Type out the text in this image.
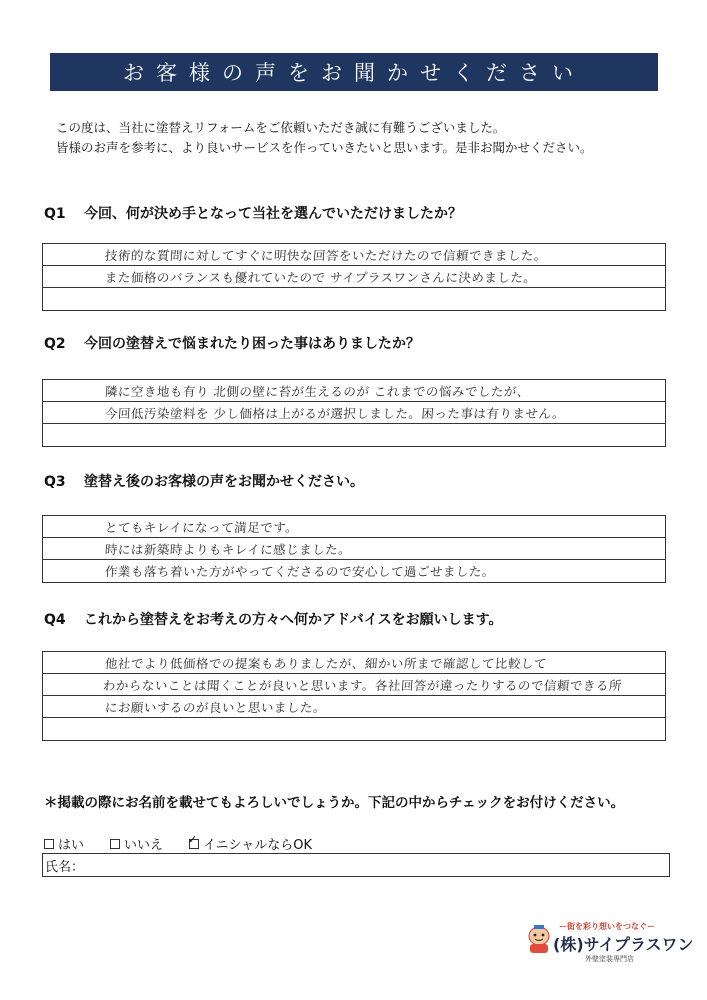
お客様の声をお聞かせください
この度は、当社に塗替えリフォームをご依頼いただき誠に有難うございました。
皆様のお声を参考に、より良いサービスを作っていきたいと思います。是非お聞かせください。
Q1 今回、何が決め手となって当社を選んでいただけましたか？
技術的な質問に対してすぐに明快な回答をいただけたので信頼できました。
また価格のバランスも優れていたので サイプラスワンさんに決めました。
Q2 今回の塗替えで悩まれたり困った事はありましたか？
隣に空き地も有り 北側の壁に苔が生えるのが これまでの悩みでしたが、
今回低汚染塗料を 少し価格は上がるが選択しました。困った事は有りません。
Q3 塗替え後のお客様の声をお聞かせください。
とてもキレイになって満足です。
時には新築時よりもキレイに感じました。
作業も落ち着いた方がやってくださるので安心して過ごせました。
Q4 これから塗替えをお考えの方々へ何かアドバイスをお願いします。
他社でより低価格での提案もありましたが、細かい所まで確認して比較して
わからないことは聞くことが良いと思います。各社回答が違ったりするので信頼できる所
にお願いするのが良いと思いました。
＊掲載の際にお名前を載せてもよろしいでしょうか。下記の中からチェックをお付けください。
はい	いいえ
✓	イニシャルならOK
氏名：
ー街を彩り想いをつなぐー
(株)サイプラスワン
外壁塗装専門店
